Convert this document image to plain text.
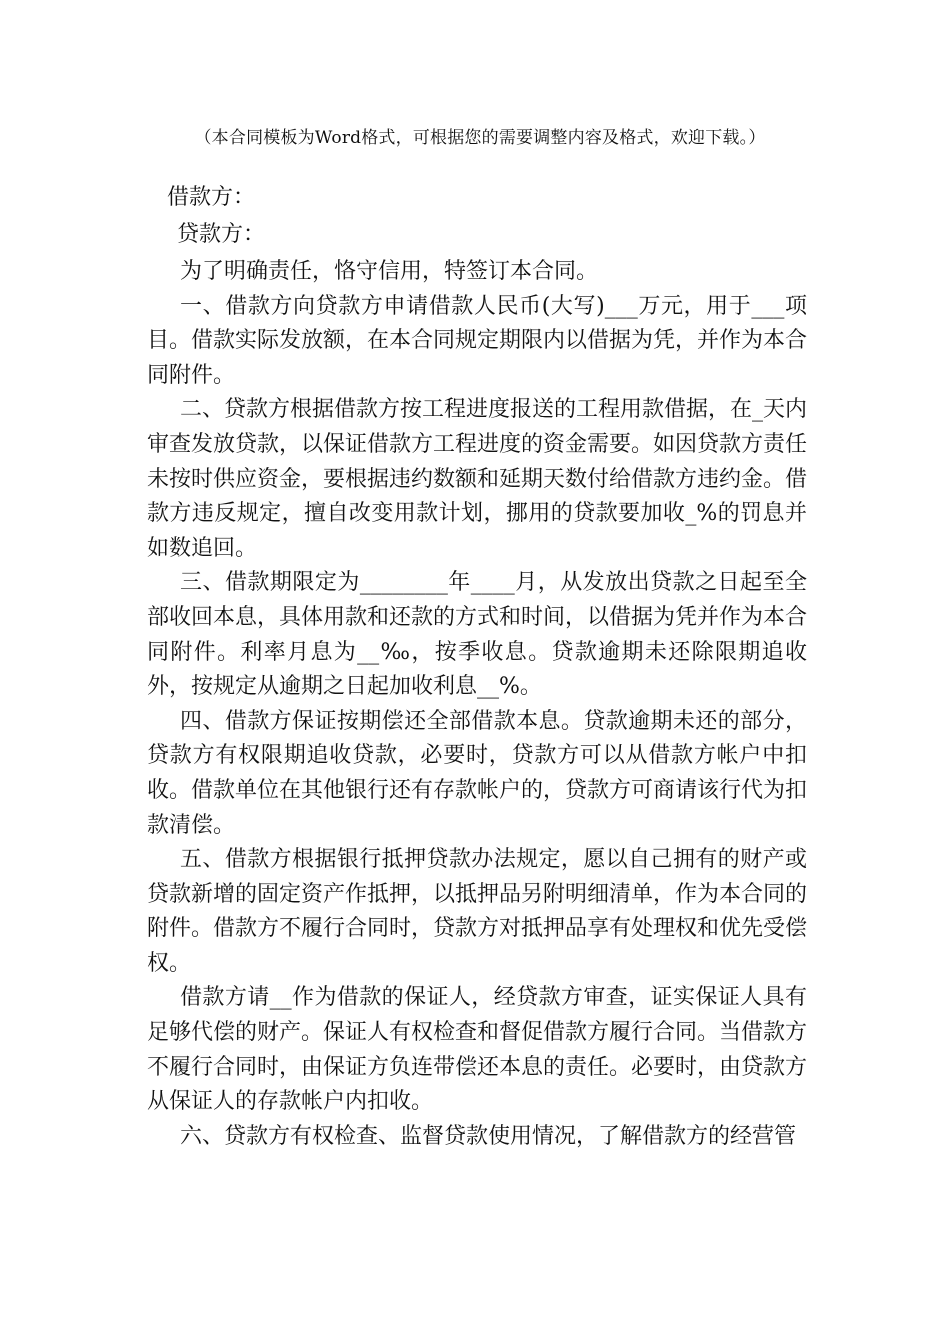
（本合同模板为Word格式，可根据您的需要调整内容及格式，欢迎下载。）
借款方：
贷款方：

为了明确责任，恪守信用，特签订本合同。

一、借款方向贷款方申请借款人民币(大写)___万元，用于___项目。借款实际发放额，在本合同规定期限内以借据为凭，并作为本合同附件。

二、贷款方根据借款方按工程进度报送的工程用款借据，在_天内审查发放贷款，以保证借款方工程进度的资金需要。如因贷款方责任未按时供应资金，要根据违约数额和延期天数付给借款方违约金。借款方违反规定，擅自改变用款计划，挪用的贷款要加收_%的罚息并如数追回。

三、借款期限定为________年____月，从发放出贷款之日起至全部收回本息，具体用款和还款的方式和时间，以借据为凭并作为本合同附件。利率月息为__‰，按季收息。贷款逾期未还除限期追收外，按规定从逾期之日起加收利息__%。

四、借款方保证按期偿还全部借款本息。贷款逾期未还的部分，贷款方有权限期追收贷款，必要时，贷款方可以从借款方帐户中扣收。借款单位在其他银行还有存款帐户的，贷款方可商请该行代为扣款清偿。

五、借款方根据银行抵押贷款办法规定，愿以自己拥有的财产或贷款新增的固定资产作抵押，以抵押品另附明细清单，作为本合同的附件。借款方不履行合同时，贷款方对抵押品享有处理权和优先受偿权。

借款方请__作为借款的保证人，经贷款方审查，证实保证人具有足够代偿的财产。保证人有权检查和督促借款方履行合同。当借款方不履行合同时，由保证方负连带偿还本息的责任。必要时，由贷款方从保证人的存款帐户内扣收。

六、贷款方有权检查、监督贷款使用情况，了解借款方的经营管
